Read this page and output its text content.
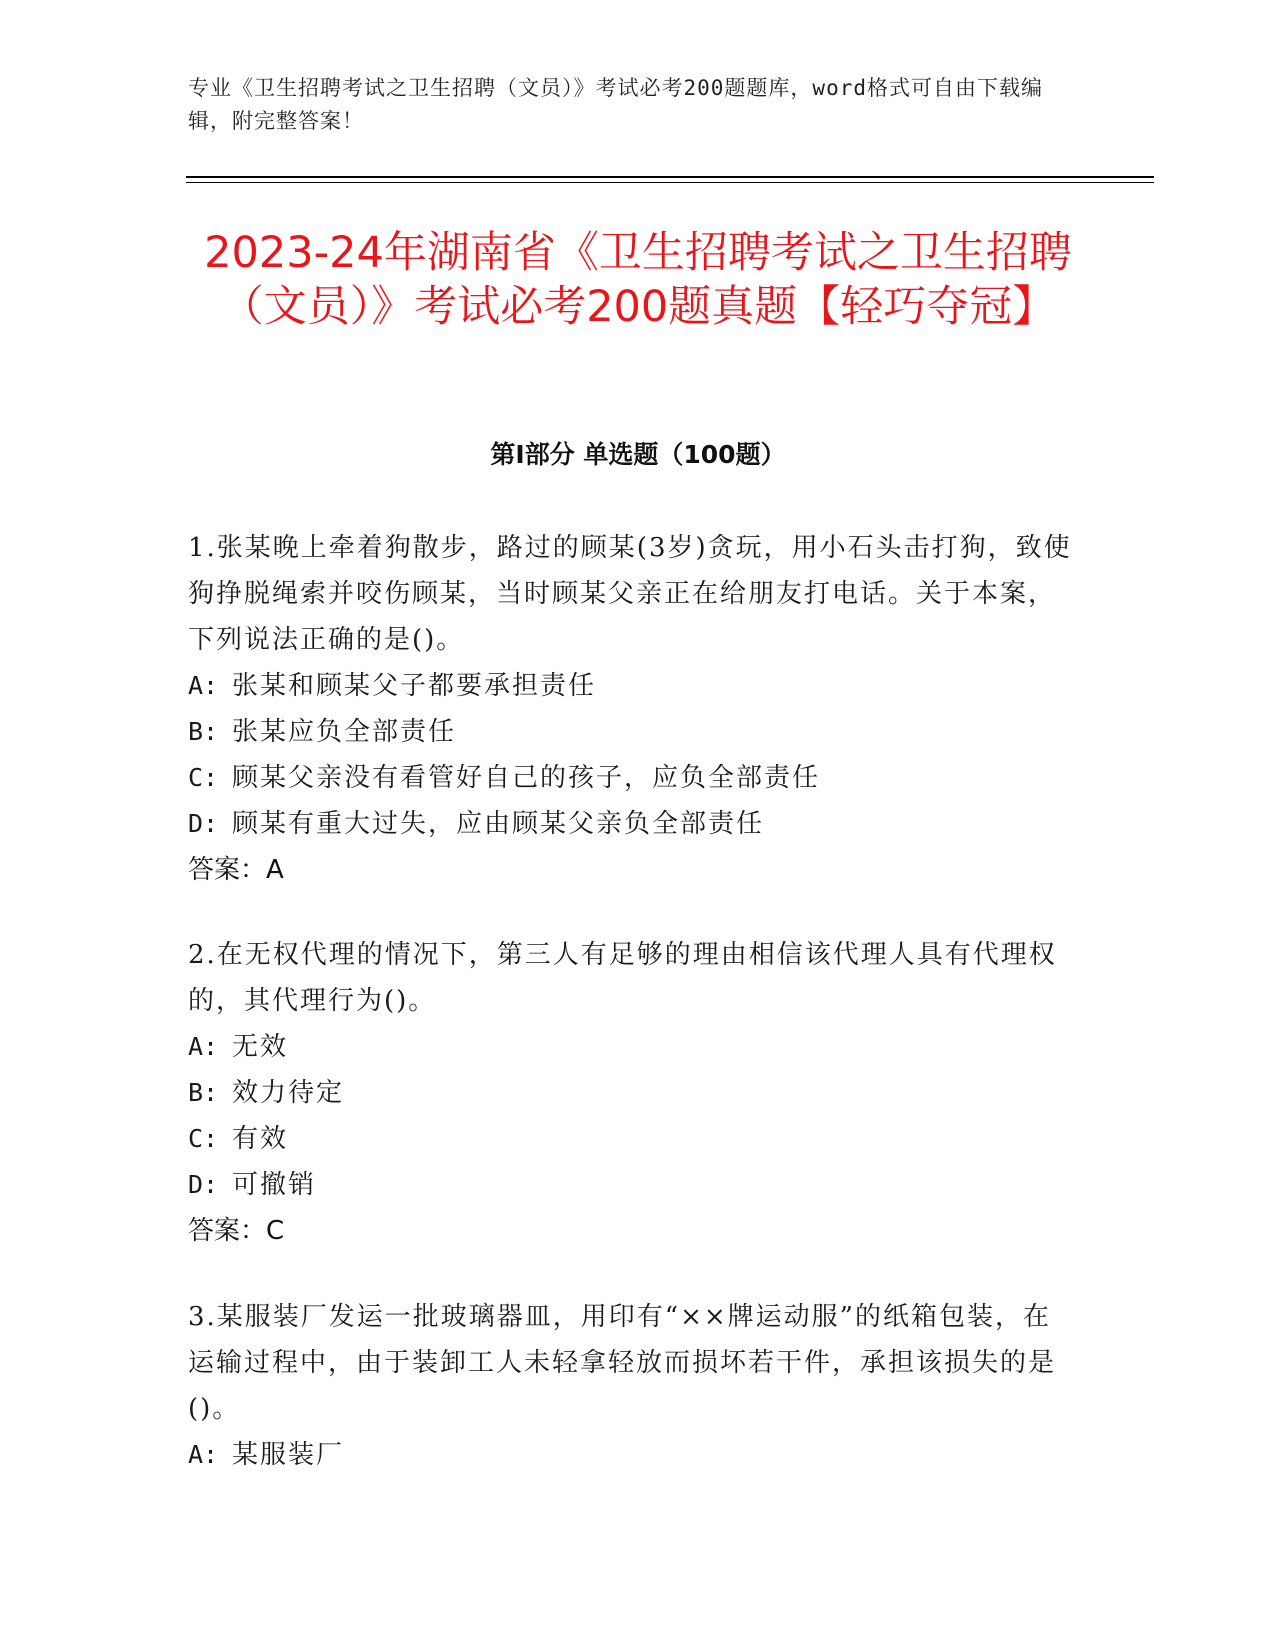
专业《卫生招聘考试之卫生招聘（文员）》考试必考200题题库，word格式可自由下载编辑，附完整答案！
2023-24年湖南省《卫生招聘考试之卫生招聘（文员）》考试必考200题真题【轻巧夺冠】
第I部分 单选题（100题）

1.张某晚上牵着狗散步，路过的顾某(3岁)贪玩，用小石头击打狗，致使狗挣脱绳索并咬伤顾某，当时顾某父亲正在给朋友打电话。关于本案，下列说法正确的是()。

A: 张某和顾某父子都要承担责任

B: 张某应负全部责任

C: 顾某父亲没有看管好自己的孩子，应负全部责任

D: 顾某有重大过失，应由顾某父亲负全部责任

答案：A

2.在无权代理的情况下，第三人有足够的理由相信该代理人具有代理权的，其代理行为()。

A: 无效

B: 效力待定

C: 有效

D: 可撤销

答案：C

3.某服装厂发运一批玻璃器皿，用印有“××牌运动服”的纸箱包装，在运输过程中，由于装卸工人未轻拿轻放而损坏若干件，承担该损失的是()。

A: 某服装厂
